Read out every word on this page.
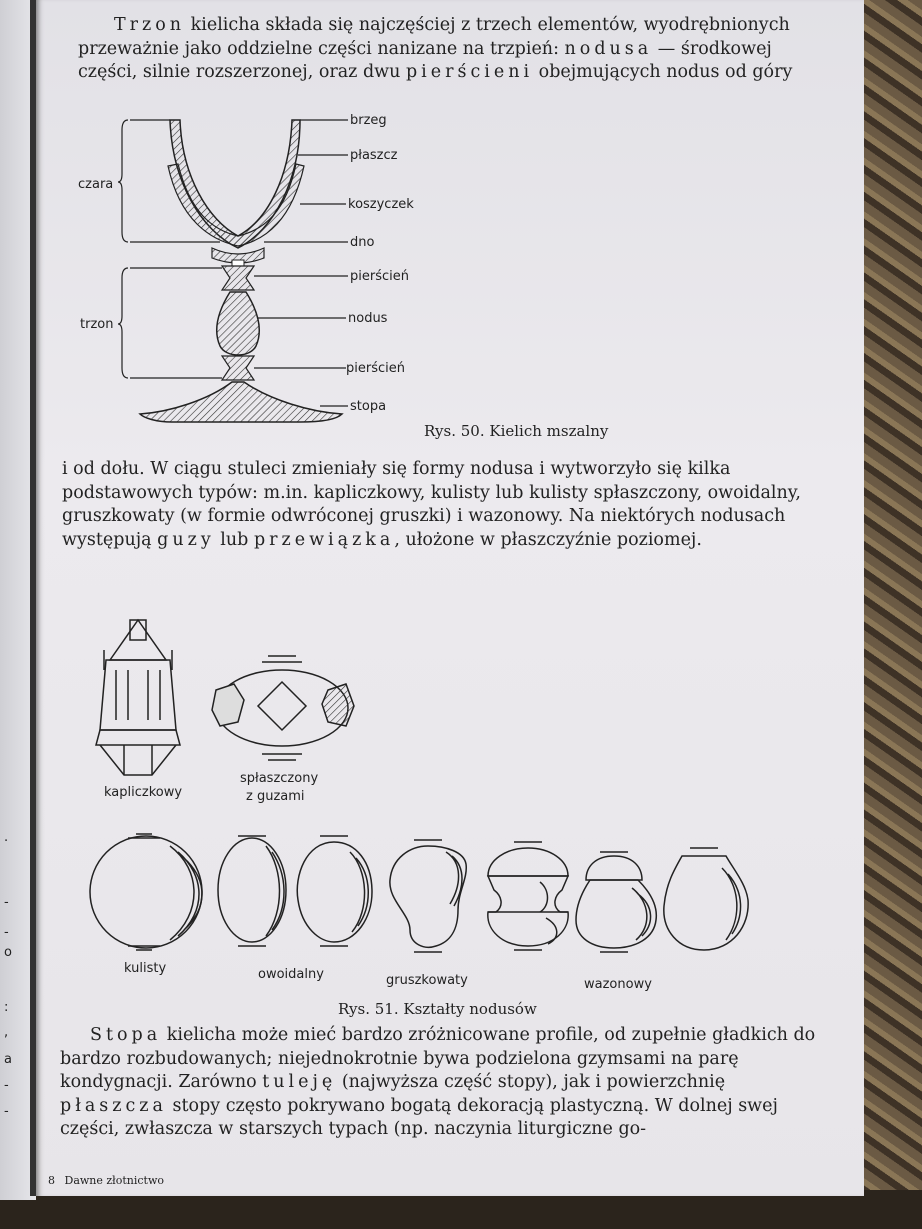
.
-
-
o
:
,
a
-
-

Trzon kielicha składa się najczęściej z trzech elementów, wyodrębnionych przeważnie jako oddzielne części nanizane na trzpień: nodusa — środkowej części, silnie rozszerzonej, oraz dwu pierścieni obejmujących nodus od góry

brzeg
płaszcz
koszyczek
dno
pierścień
nodus
pierścień
stopa
czara
trzon
Rys. 50. Kielich mszalny

i od dołu. W ciągu stuleci zmieniały się formy nodusa i wytworzyło się kilka podstawowych typów: m.in. kapliczkowy, kulisty lub kulisty spłaszczony, owoidalny, gruszkowaty (w formie odwróconej gruszki) i wazonowy. Na niektórych nodusach występują guzy lub przewiązka, ułożone w płaszczyźnie poziomej.

kapliczkowy
spłaszczony
z guzami
kulisty	owoidalny	gruszkowaty	wazonowy
Rys. 51. Kształty nodusów

Stopa kielicha może mieć bardzo zróżnicowane profile, od zupełnie gładkich do bardzo rozbudowanych; niejednokrotnie bywa podzielona gzymsami na parę kondygnacji. Zarówno tuleję (najwyższa część stopy), jak i powierzchnię płaszcza stopy często pokrywano bogatą dekoracją plastyczną. W dolnej swej części, zwłaszcza w starszych typach (np. naczynia liturgiczne go-

8 Dawne złotnictwo
